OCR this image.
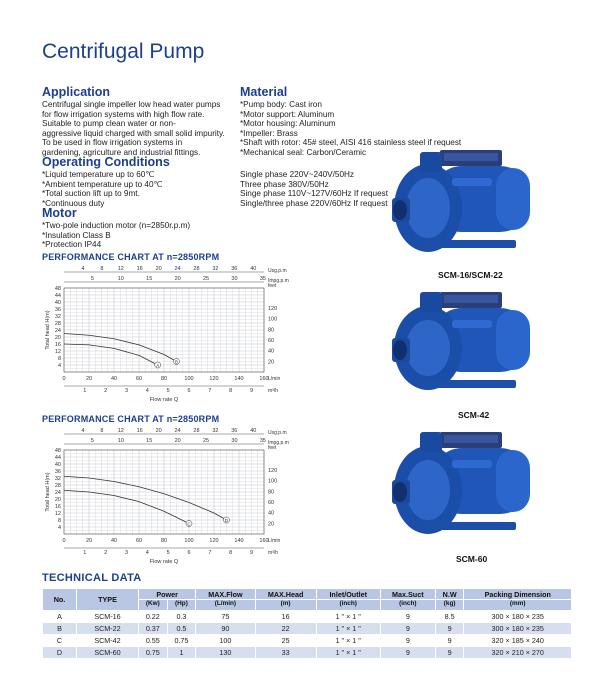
Centrifugal Pump
Application
Centrifugal single impeller low head water pumps
for flow irrigation systems with high flow rate.
Suitable to pump clean water or non-
aggressive liquid charged with small solid impurity.
To be used in flow irrigation systems in
gardening, agriculture and industrial fittings.
Operating Conditions
*Liquid temperature up to 60℃
*Ambient temperature up to 40℃
*Total suction lift up to 9mt.
*Continuous duty
Motor
*Two-pole induction motor (n=2850r.p.m)
*Insulation Class B
*Protection IP44
Material
*Pump body: Cast iron
*Motor support: Aluminum
*Motor housing: Aluminum
*Impeller: Brass
*Shaft with rotor: 45# steel, AISI 416 stainless steel if request
*Mechanical seal: Carbon/Ceramic
Single phase 220V~240V/50Hz
Three phase 380V/50Hz
Singe phase 110V~127V/60Hz If request
Single/three phase 220V/60Hz If request
PERFORMANCE CHART AT n=2850RPM
4
8
12
16
20
24
28
32
36
40
44
48
Total head H(m)
feet
20
40
60
80
100
120
4	8	12 16 20 24 28 32 36 40 Usg.p.m
5	10	15	20	25	30	35 Impg.p.m
0	20	40	60	80	100	120	140	160 L/min
1	2	3	4	5	6	7	8	9	m³/h
Flow rate Q
A
B
PERFORMANCE CHART AT n=2850RPM
4
8
12
16
20
24
28
32
36
40
44
48
Total head H(m)
feet
20
40
60
80
100
120
4	8	12 16 20 24 28 32 36 40 Usg.p.m
5	10	15	20	25	30	35 Impg.p.m
0	20	40	60	80	100	120	140	160 L/min
1	2	3	4	5	6	7	8	9	m³/h
Flow rate Q
C
D
SCM-16/SCM-22
SCM-42
SCM-60
TECHNICAL DATA
No.	TYPE	Power		MAX.Flow	MAX.Head	Inlet/Outlet	Max.Suct	N.W	Packing Dimension
		(Kw)	(Hp)	(L/min)	(m)	(inch)	(inch)	(kg)	(mm)
A	SCM-16	0.22	0.3	75	16	1 " × 1 "	9	8.5	300 × 180 × 235
B	SCM-22	0.37	0.5	90	22	1 " × 1 "	9	9	300 × 180 × 235
C	SCM-42	0.55	0.75	100	25	1 " × 1 "	9	9	320 × 185 × 240
D	SCM-60	0.75	1	130	33	1 " × 1 "	9	9	320 × 210 × 270
